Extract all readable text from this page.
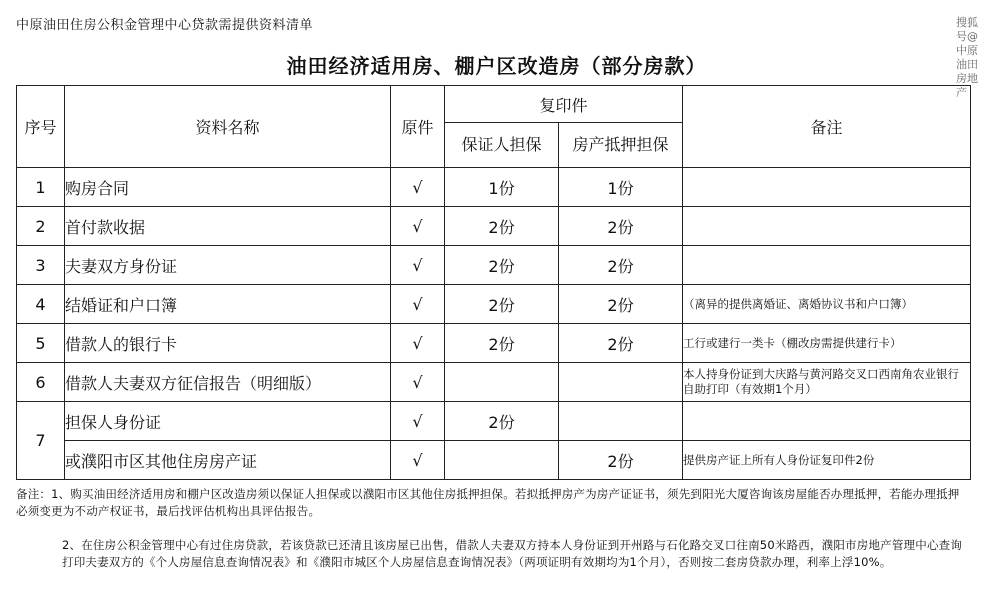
中原油田住房公积金管理中心贷款需提供资料清单	搜狐号@中原油田房地产
油田经济适用房、棚户区改造房（部分房款）
序号	资料名称	原件	复印件		备注
			保证人担保	房产抵押担保	
1	购房合同	√	1份	1份	
2	首付款收据	√	2份	2份	
3	夫妻双方身份证	√	2份	2份	
4	结婚证和户口簿	√	2份	2份	（离异的提供离婚证、离婚协议书和户口簿）
5	借款人的银行卡	√	2份	2份	工行或建行一类卡（棚改房需提供建行卡）
6	借款人夫妻双方征信报告（明细版）	√			本人持身份证到大庆路与黄河路交叉口西南角农业银行自助打印（有效期1个月）
7	担保人身份证	√	2份		
	或濮阳市区其他住房房产证	√		2份	提供房产证上所有人身份证复印件2份
备注：1、购买油田经济适用房和棚户区改造房须以保证人担保或以濮阳市区其他住房抵押担保。若拟抵押房产为房产证证书，须先到阳光大厦咨询该房屋能否办理抵押，若能办理抵押必须变更为不动产权证书，最后找评估机构出具评估报告。
2、在住房公积金管理中心有过住房贷款，若该贷款已还清且该房屋已出售，借款人夫妻双方持本人身份证到开州路与石化路交叉口往南50米路西，濮阳市房地产管理中心查询打印夫妻双方的《个人房屋信息查询情况表》和《濮阳市城区个人房屋信息查询情况表》（两项证明有效期均为1个月），否则按二套房贷款办理，利率上浮10%。
